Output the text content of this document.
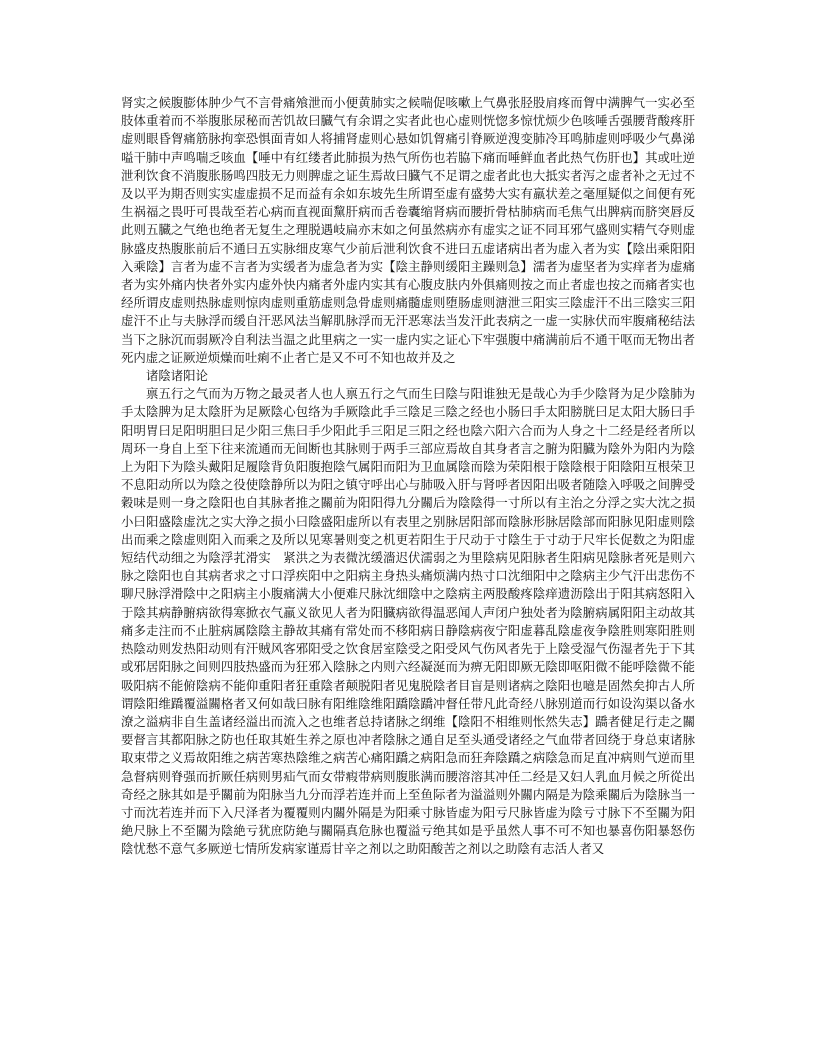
肾实之候腹膨体肿少气不言骨痛飧泄而小便黄肺实之候喘促咳嗽上气鼻张胫股肩疼而胷中满脾气一实必至肢体重着而不举腹胀尿秘而苦饥故曰臓气有余谓之实者此也心虚则恍惚多惊忧烦少色咳唾舌强腰背酸疼肝虚则眼昏胷痛筋脉拘挛恐惧面青如人将捕肾虚则心悬如饥胷痛引脊厥逆溲变肺冷耳鸣肺虚则呼吸少气鼻涕嗌干肺中声鸣喘乏咳血【唾中有红缕者此肺损为热气所伤也若脇下痛而唾鲜血者此热气伤肝也】其或吐逆泄利饮食不消腹胀肠鸣四肢无力则脾虚之证生焉故曰臓气不足谓之虚者此也大抵实者泻之虚者补之无过不及以平为期否则实实虚虚损不足而益有余如东坡先生所谓至虚有盛势大实有羸状差之毫厘疑似之间便有死生祸福之畏吁可畏哉至若心病而直视面黧肝病而舌卷囊缩肾病而腰折骨枯肺病而毛焦气出脾病而脐突唇反此则五臓之气绝也绝者无复生之理脱遇岐扁亦末如之何虽然病亦有虚实之证不同耳邪气盛则实精气夺则虚脉盛皮热腹胀前后不通曰五实脉细皮寒气少前后泄利饮食不进曰五虚诸病出者为虚入者为实【陰出乘阳阳入乘陰】言者为虚不言者为实缓者为虚急者为实【陰主静则缓阳主躁则急】濡者为虚坚者为实痒者为虚痛者为实外痛内快者外实内虚外快内痛者外虚内实其有心腹皮肤内外俱痛则按之而止者虚也按之而痛者实也经所谓皮虚则热脉虚则惊肉虚则重筋虚则急骨虚则痛髓虚则堕肠虚则溏泄三阳实三陰虚汗不出三陰实三阳虚汗不止与夫脉浮而缓自汗恶风法当解肌脉浮而无汗恶寒法当发汗此表病之一虚一实脉伏而牢腹痛秘结法当下之脉沉而弱厥冷自利法当温之此里病之一实一虚内实之证心下牢强腹中痛满前后不通干呕而无物出者死内虚之证厥逆烦燥而吐痢不止者亡是又不可不知也故并及之

诸陰诸阳论

禀五行之气而为万物之最灵者人也人禀五行之气而生曰陰与阳谁独无是哉心为手少陰肾为足少陰肺为手太陰脾为足太陰肝为足厥陰心包络为手厥陰此手三陰足三陰之经也小肠曰手太阳膀胱曰足太阳大肠曰手阳明胃曰足阳明胆曰足少阳三焦曰手少阳此手三阳足三阳之经也陰六阳六合而为人身之十二经是经者所以周环一身自上至下往来流通而无间断也其脉则于两手三部应焉故自其身者言之腑为阳臓为陰外为阳内为陰上为阳下为陰头戴阳足履陰背负阳腹抱陰气属阳而阳为卫血属陰而陰为荣阳根于陰陰根于阳陰阳互根荣卫不息阳动所以为陰之役使陰静所以为阳之镇守呼出心与肺吸入肝与肾呼者因阳出吸者随陰入呼吸之间脾受穀味是则一身之陰阳也自其脉者推之關前为阳阳得九分關后为陰陰得一寸所以有主治之分浮之实大沈之损小曰阳盛陰虚沈之实大浄之损小曰陰盛阳虚所以有表里之别脉居阳部而陰脉形脉居陰部而阳脉见阳虚则陰出而乘之陰虚则阳入而乘之及所以见寒暑则变之机更若阳生于尺动于寸陰生于寸动于尺牢长促数之为阳虚短结代动细之为陰浮芤滑实　紧洪之为表微沈缓濇迟伏濡弱之为里陰病见阳脉者生阳病见陰脉者死是则六脉之陰阳也自其病者求之寸口浮疾阳中之阳病主身热头痛烦满内热寸口沈细阳中之陰病主少气汗出悲伤不聊尺脉浮滑陰中之阳病主小腹痛满大小便难尺脉沈细陰中之陰病主两股酸疼陰痒遗沥陰出于阳其病怒阳入于陰其病静腑病欲得寒掀衣气羸义欲见人者为阳臓病欲得温恶闻人声闭户独处者为陰腑病属阳阳主动故其痛多走注而不止脏病属陰陰主静故其痛有常处而不移阳病日静陰病夜宁阳虚暮乱陰虚夜争陰胜则寒阳胜则热陰动则发热阳动则有汗贼风客邪阳受之饮食居室陰受之阳受风气伤风者先于上陰受湿气伤湿者先于下其或邪居阳脉之间则四肢热盛而为狂邪入陰脉之内则六经凝涎而为痹无阳即厥无陰即呕阳微不能呼陰微不能吸阳病不能俯陰病不能仰重阳者狂重陰者颠脱阳者见鬼脱陰者目盲是则诸病之陰阳也噫是固然矣抑古人所谓陰阳维蹻覆溢關格者又何如哉曰脉有阳维陰维阳蹻陰蹻冲督任带凡此奇经八脉别道而行如设沟渠以备水潦之溢病非自生盖诸经溢出而流入之也维者总持诸脉之纲维【陰阳不相维则怅然失志】蹻者健足行走之關要督言其都阳脉之防也任取其姙生养之原也冲者陰脉之通自足至头通受诸经之气血带者回绕于身总束诸脉取束带之义焉故阳维之病苦寒热陰维之病苦心痛阳蹻之病阳急而狂奔陰蹻之病陰急而足直冲病则气逆而里急督病则脊强而折厥任病则男疝气而女带瘕带病则腹胀满而腰溶溶其冲任二经是又妇人乳血月候之所從出奇经之脉其如是乎關前为阳脉当九分而浮若连并而上至鱼际者为溢溢则外關内隔是为陰乘關后为陰脉当一寸而沈若连并而下入尺泽者为覆覆则内關外隔是为阳乘寸脉皆虚为阳亏尺脉皆虚为陰亏寸脉下不至關为阳絶尺脉上不至關为陰絶亏犹庶防絶与關隔真危脉也覆溢亏绝其如是乎虽然人事不可不知也暴喜伤阳暴怒伤陰忧愁不意气多厥逆七情所发病家谨焉甘辛之剂以之助阳酸苦之剂以之助陰有志活人者又
